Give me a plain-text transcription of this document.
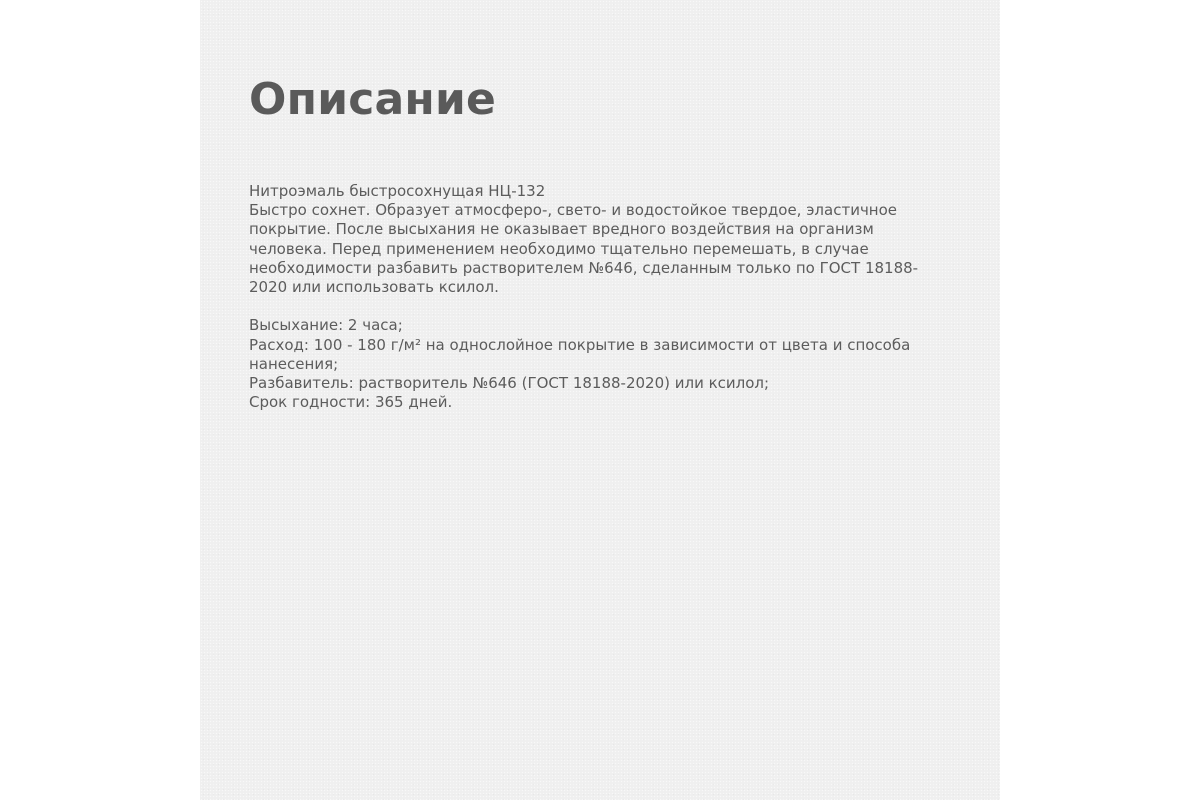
Описание
Нитроэмаль быстросохнущая НЦ-132
Быстро сохнет. Образует атмосферо-, свето- и водостойкое твердое, эластичное
покрытие. После высыхания не оказывает вредного воздействия на организм
человека. Перед применением необходимо тщательно перемешать, в случае
необходимости разбавить растворителем №646, сделанным только по ГОСТ 18188-
2020 или использовать ксилол.
Высыхание: 2 часа;
Расход: 100 - 180 г/м² на однослойное покрытие в зависимости от цвета и способа
нанесения;
Разбавитель: растворитель №646 (ГОСТ 18188-2020) или ксилол;
Срок годности: 365 дней.
